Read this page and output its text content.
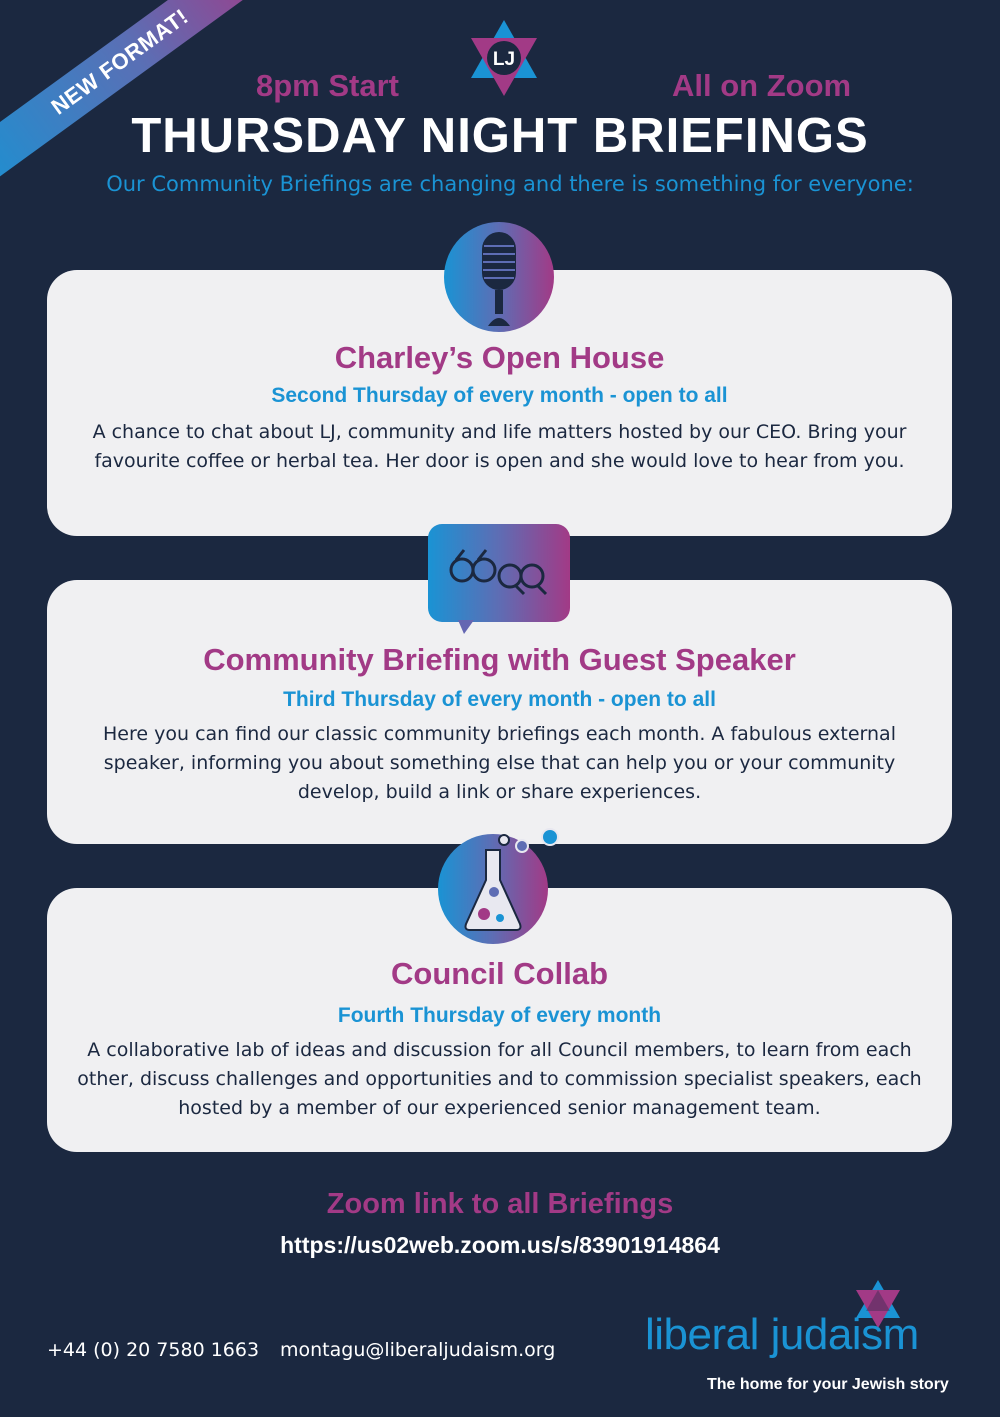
NEW FORMAT!	LJ
8pm Start	All on Zoom
THURSDAY NIGHT BRIEFINGS
Our Community Briefings are changing and there is something for everyone:
Charley’s Open House
Second Thursday of every month - open to all
A chance to chat about LJ, community and life matters hosted by our CEO. Bring your favourite coffee or herbal tea. Her door is open and she would love to hear from you.
Community Briefing with Guest Speaker
Third Thursday of every month - open to all
Here you can find our classic community briefings each month. A fabulous external speaker, informing you about something else that can help you or your community develop, build a link or share experiences.
Council Collab
Fourth Thursday of every month
A collaborative lab of ideas and discussion for all Council members, to learn from each other, discuss challenges and opportunities and to commission specialist speakers, each hosted by a member of our experienced senior management team.
Zoom link to all Briefings
https://us02web.zoom.us/s/83901914864
+44 (0) 20 7580 1663 montagu@liberaljudaism.org liberal judaism
The home for your Jewish story
